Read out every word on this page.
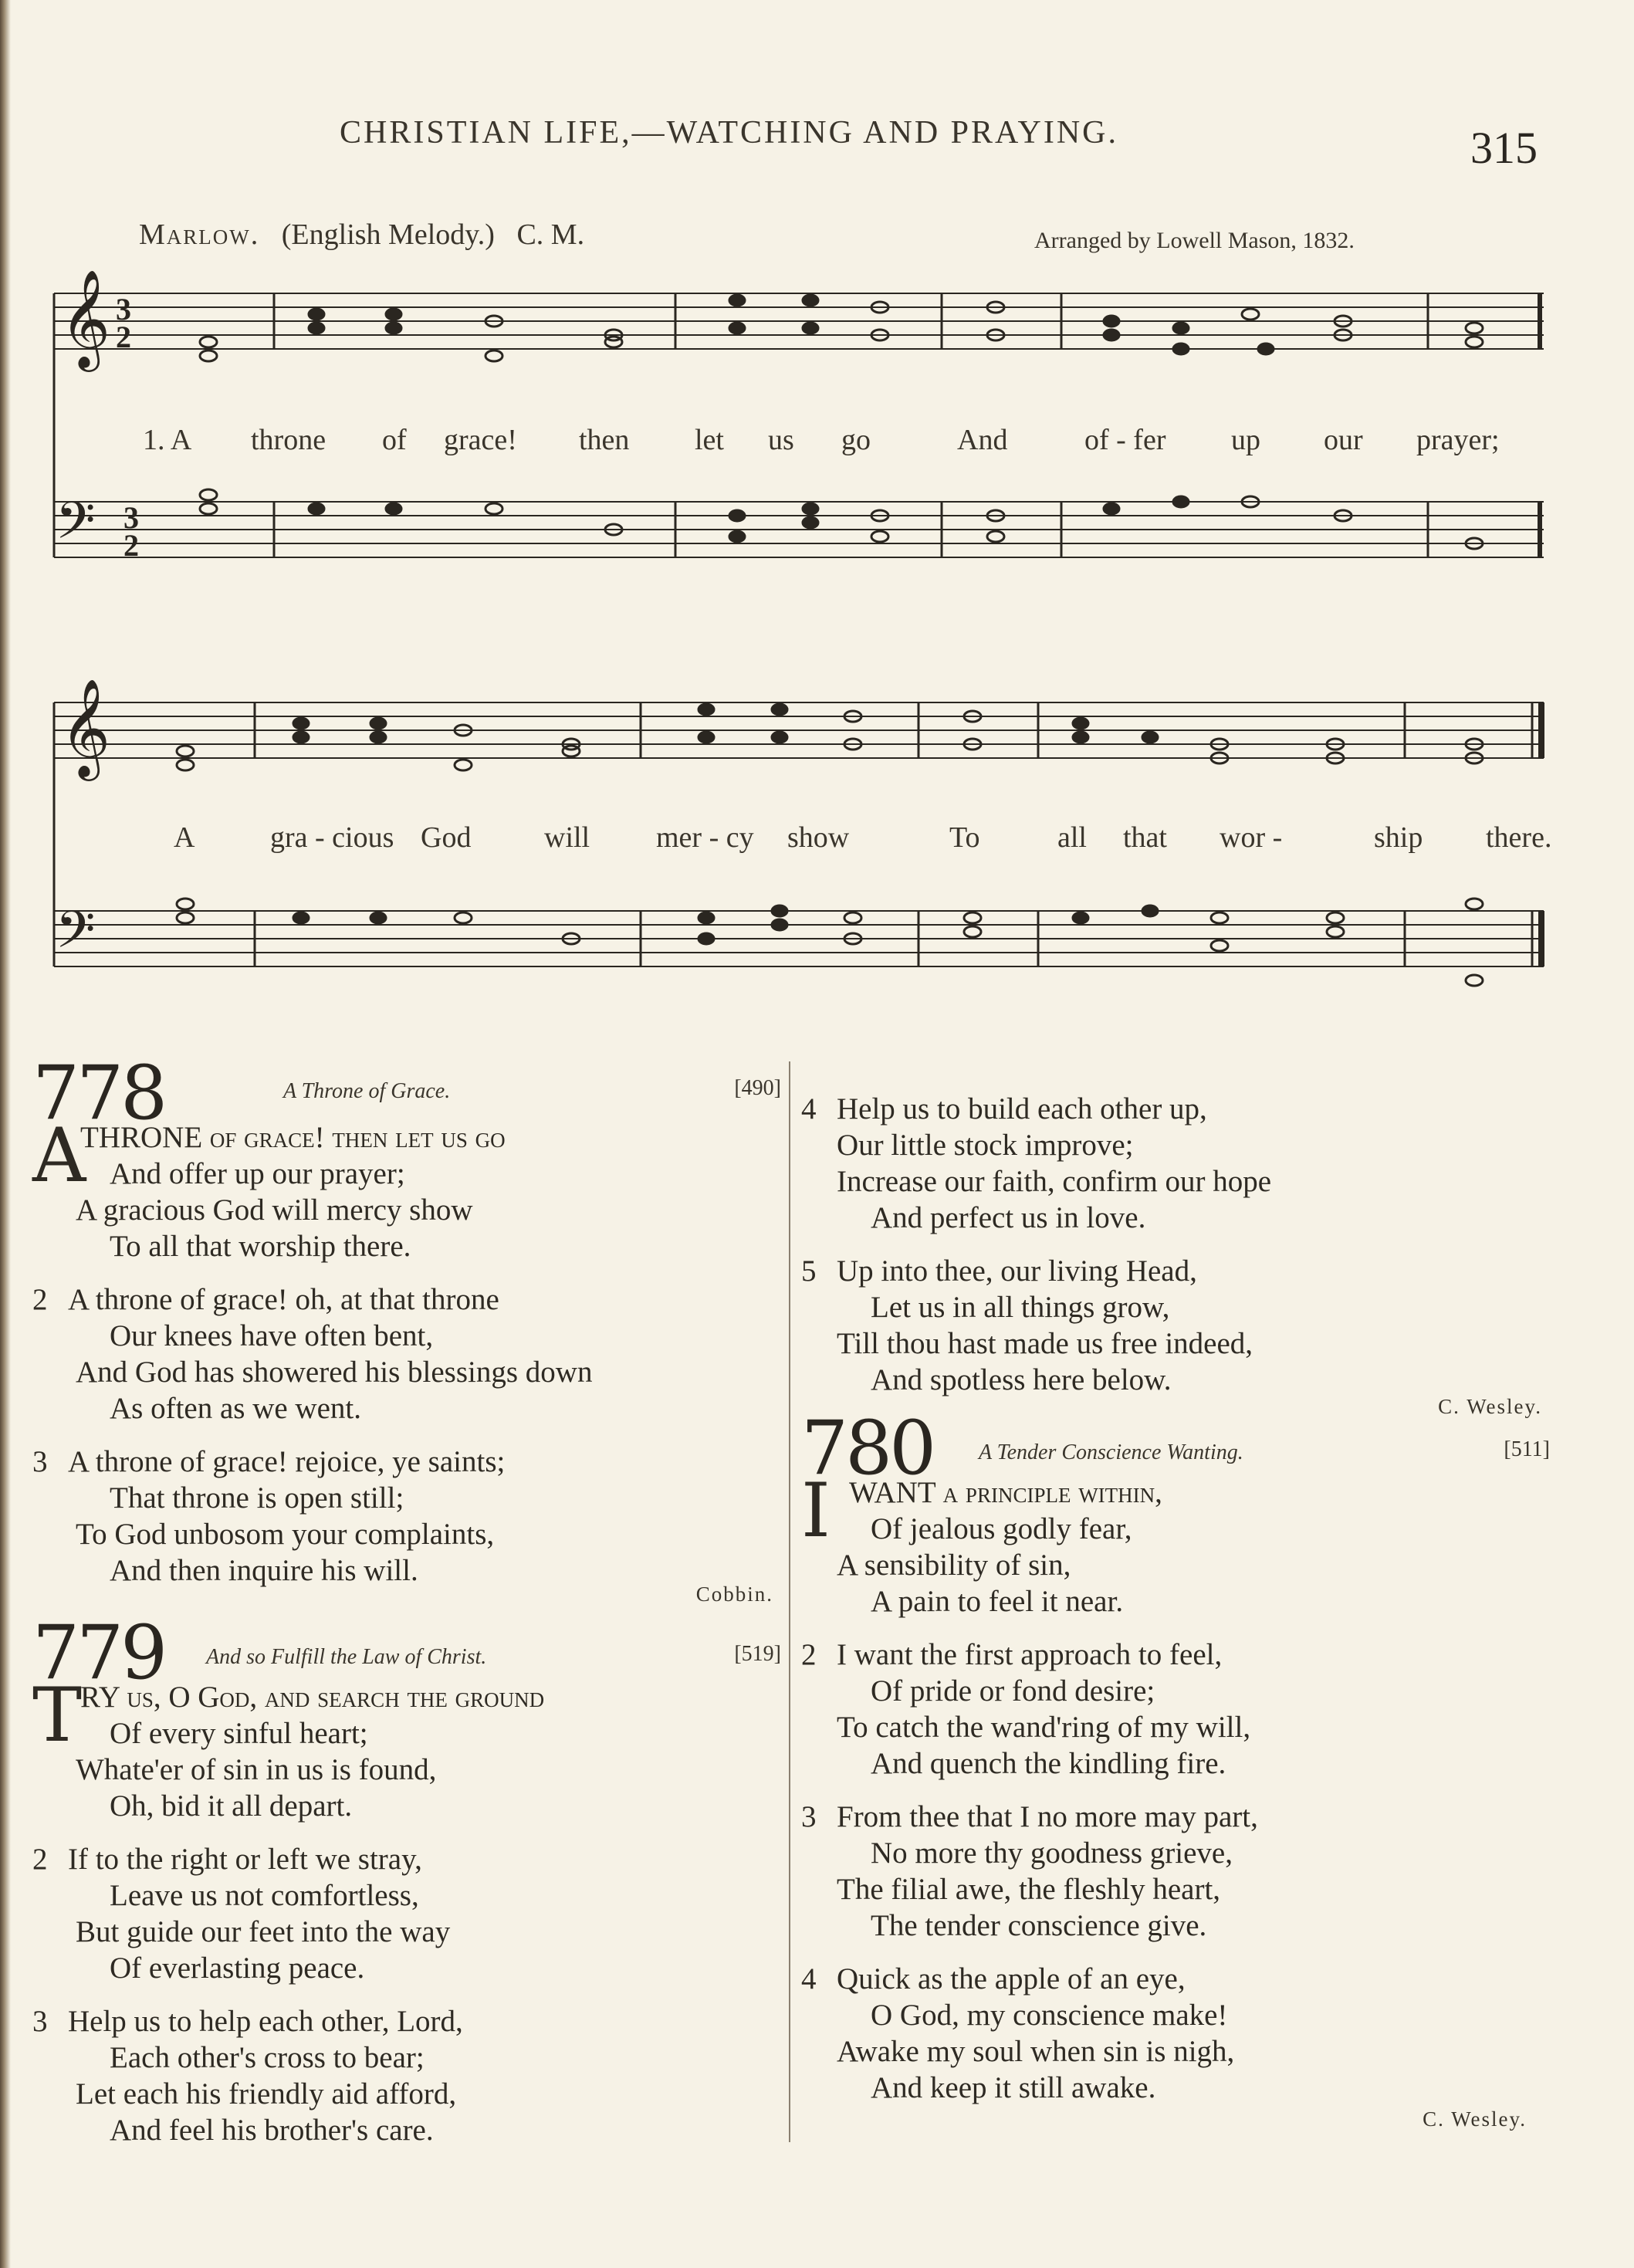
CHRISTIAN LIFE,—WATCHING AND PRAYING.	315
Marlow. (English Melody.) C. M.	Arranged by Lowell Mason, 1832.
𝄞
𝄢
3
2
3
2
1. A throne of grace! then let us go	And	of - fer up our prayer;
𝄞
𝄢
A	gra - cious God will mer - cy show	To	all that wor -	ship there.
778	A Throne of Grace.	[490]
A
THRONE of grace! then let us go
And offer up our prayer;
A gracious God will mercy show
To all that worship there.
2 A throne of grace! oh, at that throne
Our knees have often bent,
And God has showered his blessings down
As often as we went.
3 A throne of grace! rejoice, ye saints;
That throne is open still;
To God unbosom your complaints,
And then inquire his will.
Cobbin.
779 And so Fulfill the Law of Christ.	[519]
T
RY us, O God, and search the ground
Of every sinful heart;
Whate'er of sin in us is found,
Oh, bid it all depart.
2 If to the right or left we stray,
Leave us not comfortless,
But guide our feet into the way
Of everlasting peace.
3 Help us to help each other, Lord,
Each other's cross to bear;
Let each his friendly aid afford,
And feel his brother's care.
4 Help us to build each other up,
Our little stock improve;
Increase our faith, confirm our hope
And perfect us in love.
5 Up into thee, our living Head,
Let us in all things grow,
Till thou hast made us free indeed,
And spotless here below.
C. Wesley.
780 A Tender Conscience Wanting.	[511]
I WANT a principle within,
Of jealous godly fear,
A sensibility of sin,
A pain to feel it near.
2 I want the first approach to feel,
Of pride or fond desire;
To catch the wand'ring of my will,
And quench the kindling fire.
3 From thee that I no more may part,
No more thy goodness grieve,
The filial awe, the fleshly heart,
The tender conscience give.
4 Quick as the apple of an eye,
O God, my conscience make!
Awake my soul when sin is nigh,
And keep it still awake.
C. Wesley.
